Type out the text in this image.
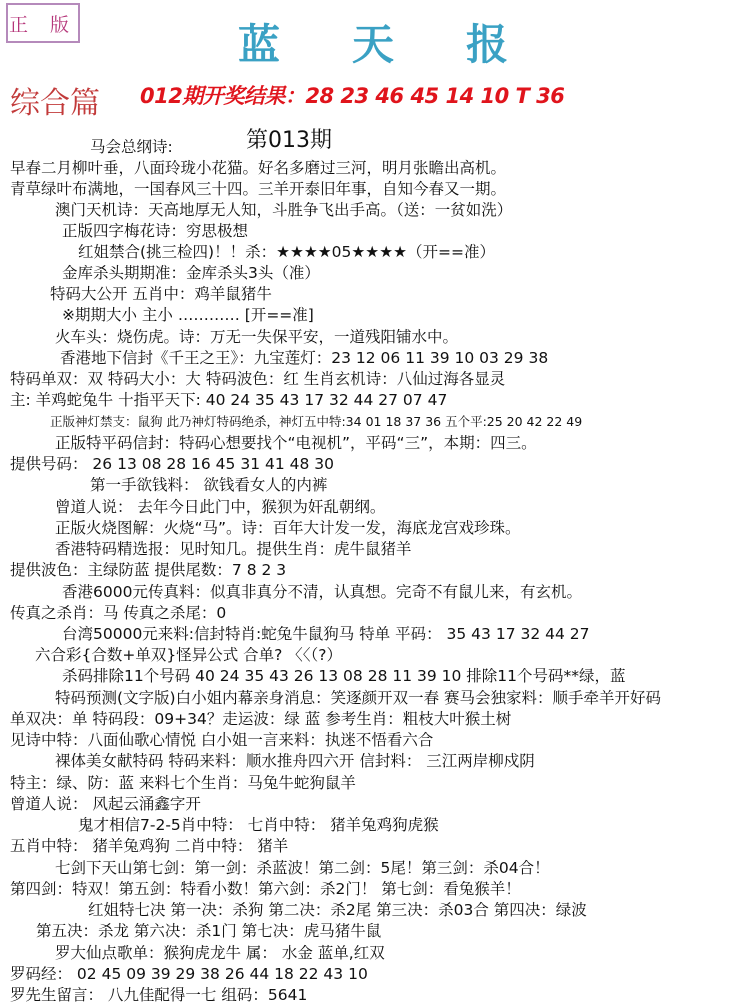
正 版	蓝 天 报
综合篇 012期开奖结果：28 23 46 45 14 10 T 36
马会总纲诗:	第013期
早春二月柳叶垂，八面玲珑小花猫。好名多磨过三河，明月张瞻出高机。
青草绿叶布满地，一国春风三十四。三羊开泰旧年事，自知今春又一期。
澳门天机诗：天高地厚无人知，斗胜争飞出手高。（送：一贫如洗）
正版四字梅花诗：穷思极想
红姐禁合(挑三检四)！！杀：★★★★05★★★★（开==准）
金库杀头期期准：金库杀头3头（准）
特码大公开 五肖中：鸡羊鼠猪牛
※期期大小 主小 ………… [开==准]
火车头：烧伤虎。诗：万无一失保平安，一道残阳铺水中。
香港地下信封《千王之王》：九宝莲灯：23 12 06 11 39 10 03 29 38
特码单双：双 特码大小：大 特码波色：红 生肖玄机诗：八仙过海各显灵
主: 羊鸡蛇兔牛 十指平天下: 40 24 35 43 17 32 44 27 07 47
正版神灯禁支：鼠狗 此乃神灯特码绝杀，神灯五中特:34 01 18 37 36 五个平:25 20 42 22 49
正版特平码信封：特码心想要找个“电视机”，平码“三”，本期：四三。
提供号码： 26 13 08 28 16 45 31 41 48 30
第一手欲钱料： 欲钱看女人的内裤
曾道人说： 去年今日此门中，猴狈为奸乱朝纲。
正版火烧图解：火烧“马”。诗：百年大计发一发，海底龙宫戏珍珠。
香港特码精选报：见时知几。提供生肖：虎牛鼠猪羊
提供波色：主绿防蓝 提供尾数：7 8 2 3
香港6000元传真料：似真非真分不清，认真想。完奇不有鼠儿来，有玄机。
传真之杀肖：马 传真之杀尾：0
台湾50000元来料:信封特肖:蛇兔牛鼠狗马 特单 平码： 35 43 17 32 44 27
六合彩{合数+单双}怪异公式 合单? 〈〈（?）
杀码排除11个号码 40 24 35 43 26 13 08 28 11 39 10 排除11个号码**绿，蓝
特码预测(文字版)白小姐内幕亲身消息：笑逐颜开双一春 赛马会独家料：顺手牵羊开好码
单双决：单 特码段：09+34？走运波：绿 蓝 参考生肖：粗枝大叶猴土树
见诗中特：八面仙歌心情悦 白小姐一言来料：执迷不悟看六合
裸体美女献特码 特码来料：顺水推舟四六开 信封料： 三江两岸柳戍阴
特主：绿、防：蓝 来料七个生肖：马兔牛蛇狗鼠羊
曾道人说： 风起云涌鑫字开
鬼才相信7-2-5肖中特： 七肖中特： 猪羊兔鸡狗虎猴
五肖中特： 猪羊兔鸡狗 二肖中特： 猪羊
七剑下天山第七剑：第一剑：杀蓝波！第二剑：5尾！第三剑：杀04合！
第四剑：特双！第五剑：特看小数！第六剑：杀2门！ 第七剑：看兔猴羊！
红姐特七决 第一决：杀狗 第二决：杀2尾 第三决：杀03合 第四决：绿波
第五决：杀龙 第六决：杀1门 第七决：虎马猪牛鼠
罗大仙点歌单：猴狗虎龙牛 属： 水金 蓝单,红双
罗码经： 02 45 09 39 29 38 26 44 18 22 43 10
罗先生留言： 八九佳配得一七 组码：5641
